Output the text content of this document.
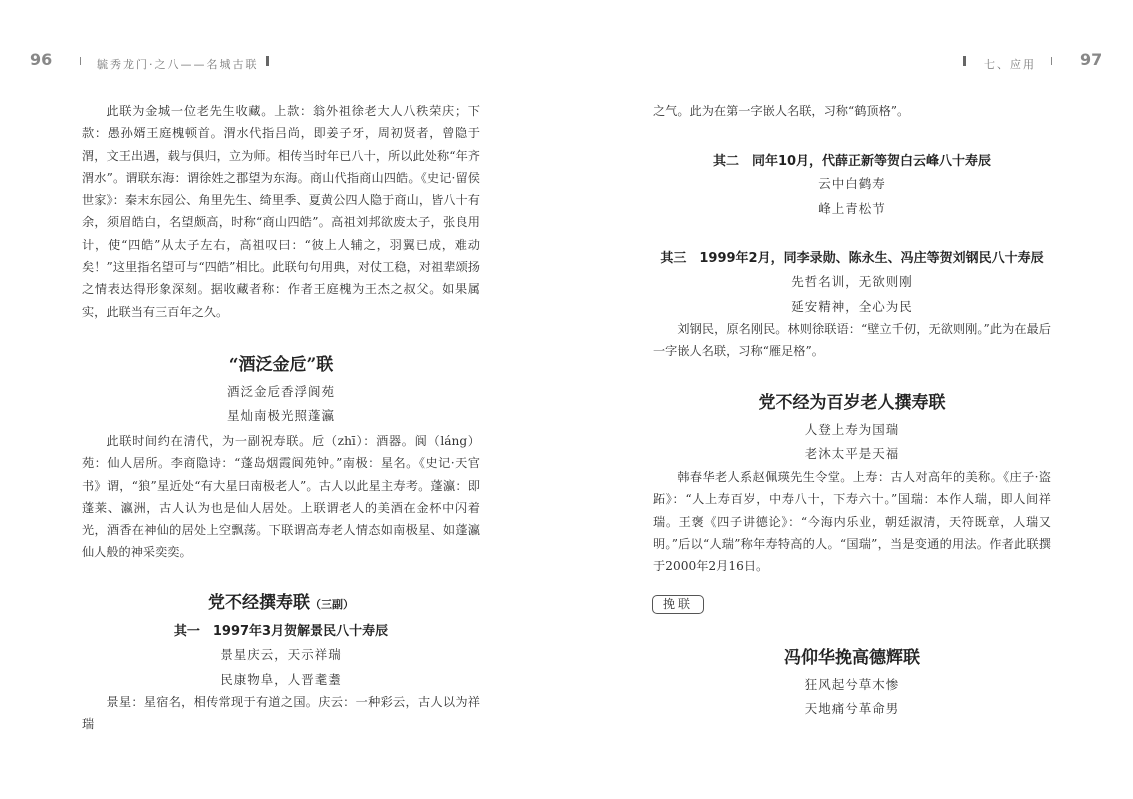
96	毓秀龙门·之八——名城古联

此联为金城一位老先生收藏。上款：翁外祖徐老大人八秩荣庆；下款：愚孙婿王庭槐顿首。渭水代指吕尚，即姜子牙，周初贤者，曾隐于渭，文王出遇，载与俱归，立为师。相传当时年已八十，所以此处称“年齐渭水”。谓联东海：谓徐姓之郡望为东海。商山代指商山四皓。《史记·留侯世家》：秦末东园公、角里先生、绮里季、夏黄公四人隐于商山，皆八十有余，须眉皓白，名望颇高，时称“商山四皓”。高祖刘邦欲废太子，张良用计，使“四皓”从太子左右，高祖叹曰：“彼上人辅之，羽翼已成，难动矣！”这里指名望可与“四皓”相比。此联句句用典，对仗工稳，对祖辈颂扬之情表达得形象深刻。据收藏者称：作者王庭槐为王杰之叔父。如果属实，此联当有三百年之久。

“酒泛金卮”联
酒泛金卮香浮阆苑
星灿南极光照蓬瀛

此联时间约在清代，为一副祝寿联。卮（zhī）：酒器。阆（láng）苑：仙人居所。李商隐诗：“蓬岛烟霞阆苑钟。”南极：星名。《史记·天官书》谓，“狼”星近处“有大星曰南极老人”。古人以此星主寿考。蓬瀛：即蓬莱、瀛洲，古人认为也是仙人居处。上联谓老人的美酒在金杯中闪着光，酒香在神仙的居处上空飘荡。下联谓高寿老人情态如南极星、如蓬瀛仙人般的神采奕奕。

党不经撰寿联（三副）
其一　1997年3月贺解景民八十寿辰
景星庆云，天示祥瑞
民康物阜，人晋耄耋

景星：星宿名，相传常现于有道之国。庆云：一种彩云，古人以为祥瑞

七、应用	97

之气。此为在第一字嵌人名联，习称“鹤顶格”。

其二　同年10月，代薛正新等贺白云峰八十寿辰
云中白鹤寿
峰上青松节
其三　1999年2月，同李录勋、陈永生、冯庄等贺刘钢民八十寿辰
先哲名训，无欲则刚
延安精神，全心为民

刘钢民，原名刚民。林则徐联语：“壁立千仞，无欲则刚。”此为在最后一字嵌人名联，习称“雁足格”。

党不经为百岁老人撰寿联
人登上寿为国瑞
老沐太平是天福

韩春华老人系赵佩瑛先生令堂。上寿：古人对高年的美称。《庄子·盗跖》：“人上寿百岁，中寿八十，下寿六十。”国瑞：本作人瑞，即人间祥瑞。王褒《四子讲德论》：“今海内乐业，朝廷淑清，天符既章，人瑞又明。”后以“人瑞”称年寿特高的人。“国瑞”，当是变通的用法。作者此联撰于2000年2月16日。

挽联
冯仰华挽高德辉联
狂风起兮草木惨
天地痛兮革命男
